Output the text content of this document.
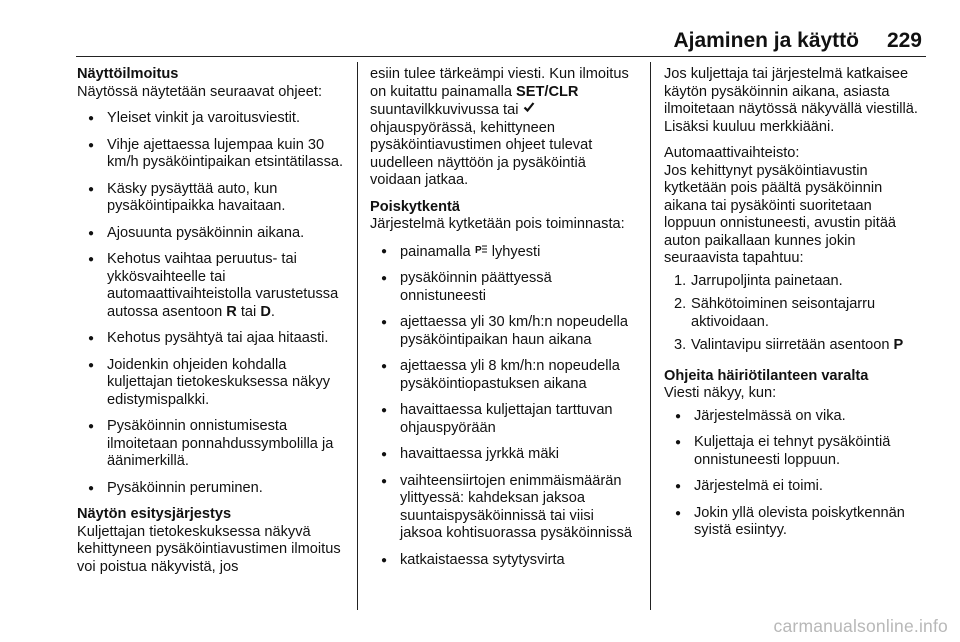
Ajaminen ja käyttö 229
Näyttöilmoitus

Näytössä näytetään seuraavat ohjeet:

● Yleiset vinkit ja varoitusviestit.
● Vihje ajettaessa lujempaa kuin 30 km/h pysäköintipaikan etsintätilassa.
● Käsky pysäyttää auto, kun pysäköintipaikka havaitaan.
● Ajosuunta pysäköinnin aikana.
● Kehotus vaihtaa peruutus- tai ykkösvaihteelle tai automaattivaihteistolla varustetussa autossa asentoon R tai D.
● Kehotus pysähtyä tai ajaa hitaasti.
● Joidenkin ohjeiden kohdalla kuljettajan tietokeskuksessa näkyy edistymispalkki.
● Pysäköinnin onnistumisesta ilmoitetaan ponnahdussymbolilla ja äänimerkillä.
● Pysäköinnin peruminen.
Näytön esitysjärjestys

Kuljettajan tietokeskuksessa näkyvä kehittyneen pysäköintiavustimen ilmoitus voi poistua näkyvistä, jos

esiin tulee tärkeämpi viesti. Kun ilmoitus on kuitattu painamalla SET/CLR suuntavilkkuvivussa tai  ohjauspyörässä, kehittyneen pysäköintiavustimen ohjeet tulevat uudelleen näyttöön ja pysäköintiä voidaan jatkaa.

Poiskytkentä

Järjestelmä kytketään pois toiminnasta:

● painamalla P lyhyesti
● pysäköinnin päättyessä onnistuneesti
● ajettaessa yli 30 km/h:n nopeudella pysäköintipaikan haun aikana
● ajettaessa yli 8 km/h:n nopeudella pysäköintiopastuksen aikana
● havaittaessa kuljettajan tarttuvan ohjauspyörään
● havaittaessa jyrkkä mäki
● vaihteensiirtojen enimmäismäärän ylittyessä: kahdeksan jaksoa suuntaispysäköinnissä tai viisi jaksoa kohtisuorassa pysäköinnissä
● katkaistaessa sytytysvirta

Jos kuljettaja tai järjestelmä katkaisee käytön pysäköinnin aikana, asiasta ilmoitetaan näytössä näkyvällä viestillä. Lisäksi kuuluu merkkiääni.

Automaattivaihteisto:
Jos kehittynyt pysäköintiavustin kytketään pois päältä pysäköinnin aikana tai pysäköinti suoritetaan loppuun onnistuneesti, avustin pitää auton paikallaan kunnes jokin seuraavista tapahtuu:
1. Jarrupoljinta painetaan.
2. Sähkötoiminen seisontajarru aktivoidaan.
3. Valintavipu siirretään asentoon P
Ohjeita häiriötilanteen varalta

Viesti näkyy, kun:

● Järjestelmässä on vika.
● Kuljettaja ei tehnyt pysäköintiä onnistuneesti loppuun.
● Järjestelmä ei toimi.
● Jokin yllä olevista poiskytkennän syistä esiintyy.
carmanualsonline.info
